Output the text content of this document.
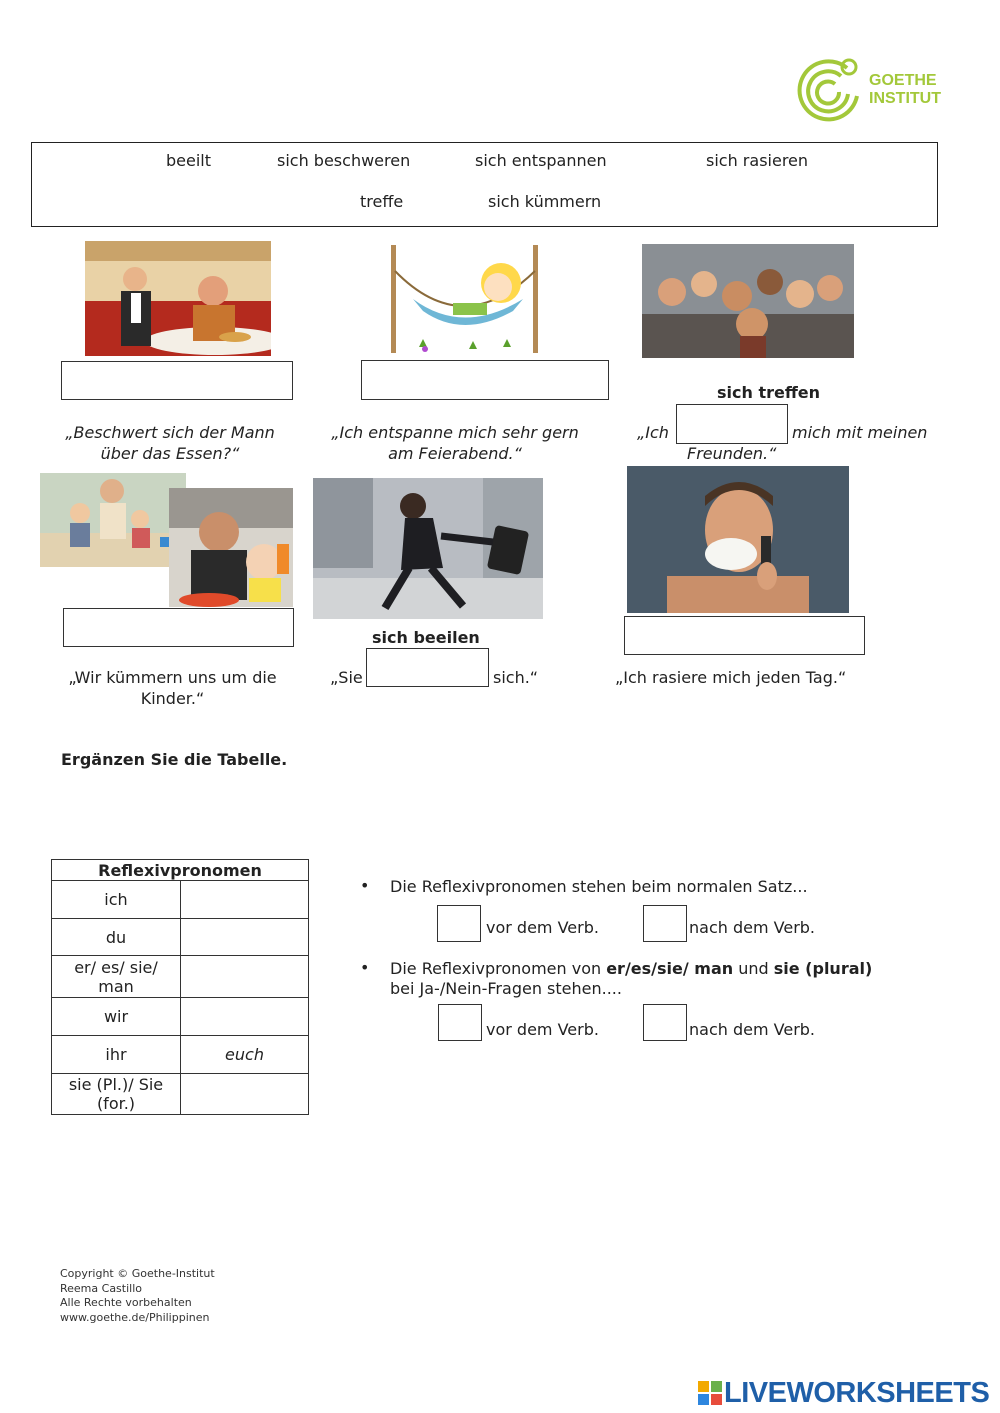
GOETHE
INSTITUT
beeilt	sich beschweren	sich entspannen	sich rasieren
treffe	sich kümmern
„Beschwert sich der Mann
über das Essen?“
„Ich entspanne mich sehr gern
am Feierabend.“
sich treffen
„Ich	mich mit meinen
Freunden.“
„Wir kümmern uns um die
Kinder.“
sich beeilen
„Sie	sich.“	„Ich rasiere mich jeden Tag.“
Ergänzen Sie die Tabelle.
Reflexivpronomen	
ich	
du	
er/ es/ sie/ man	
wir	
ihr	euch
sie (Pl.)/ Sie (for.)	
• Die Reflexivpronomen stehen beim normalen Satz...
vor dem Verb.	nach dem Verb.
• Die Reflexivpronomen von er/es/sie/ man und sie (plural)
bei Ja-/Nein-Fragen stehen....
vor dem Verb.	nach dem Verb.
Copyright © Goethe-Institut
Reema Castillo
Alle Rechte vorbehalten
www.goethe.de/Philippinen
LIVEWORKSHEETS
